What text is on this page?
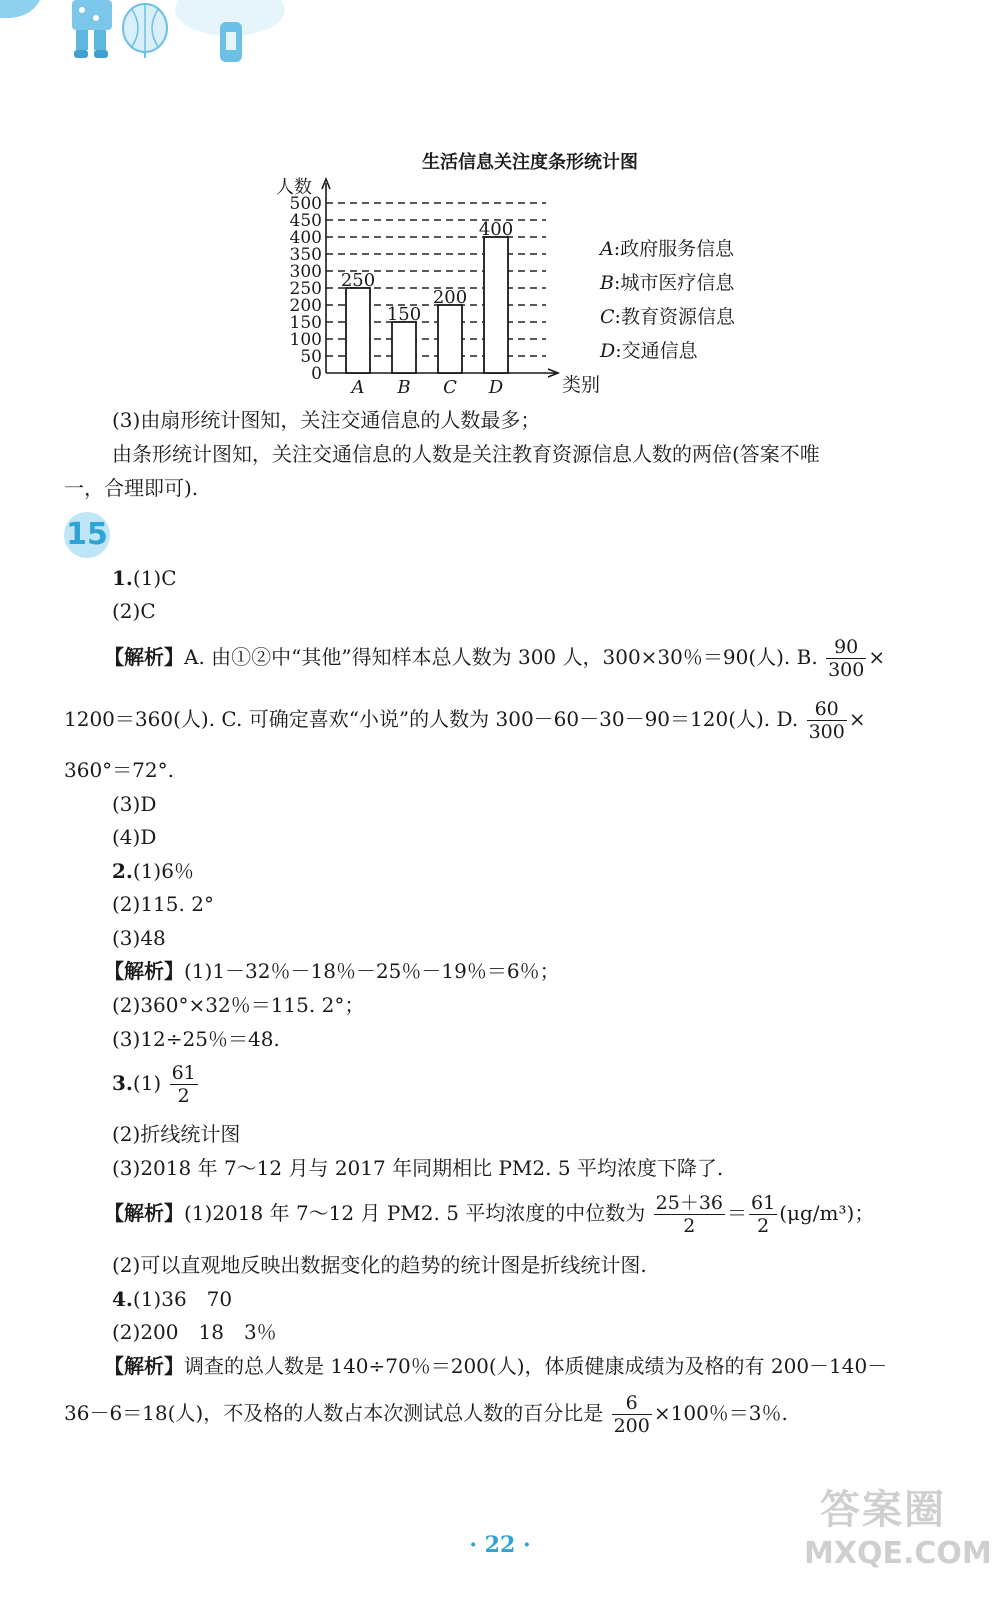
生活信息关注度条形统计图
0
50
100
150
200
250
300
350
400
450
500
人数
类别
250
A
150
B
200
C
400
D
A:政府服务信息
B:城市医疗信息
C:教育资源信息
D:交通信息
(3)由扇形统计图知，关注交通信息的人数最多；
由条形统计图知，关注交通信息的人数是关注教育资源信息人数的两倍(答案不唯
一，合理即可).
15
1.(1)C
(2)C
【解析】A. 由①②中“其他”得知样本总人数为 300 人，300×30％＝90(人). B. $\frac{90}{300}$ ×
1200＝360(人). C. 可确定喜欢“小说”的人数为 300－60－30－90＝120(人). D. $\frac{60}{300}$ ×
360°＝72°.
(3)D
(4)D
2.(1)6％
(2)115. 2°
(3)48
【解析】(1)1－32％－18％－25％－19％＝6％；
(2)360°×32％＝115. 2°；
(3)12÷25％＝48.
$3.(1) \frac{61}{2}$
(2)折线统计图
(3)2018 年 7～12 月与 2017 年同期相比 PM2. 5 平均浓度下降了.
【解析】(1)2018 年 7～12 月 PM2. 5 平均浓度的中位数为 $\frac{25+36}{2} = \frac{61}{2} (\mu g/m^3)$；
(2)可以直观地反映出数据变化的趋势的统计图是折线统计图.
4.(1)36　70
(2)200　18　3％
【解析】调查的总人数是 140÷70％＝200(人)，体质健康成绩为及格的有 200－140－
36－6＝18(人)，不及格的人数占本次测试总人数的百分比是 $\frac{6}{200} \times 100$％＝3％.
· 22 ·
答案圈
MXQE.COM
